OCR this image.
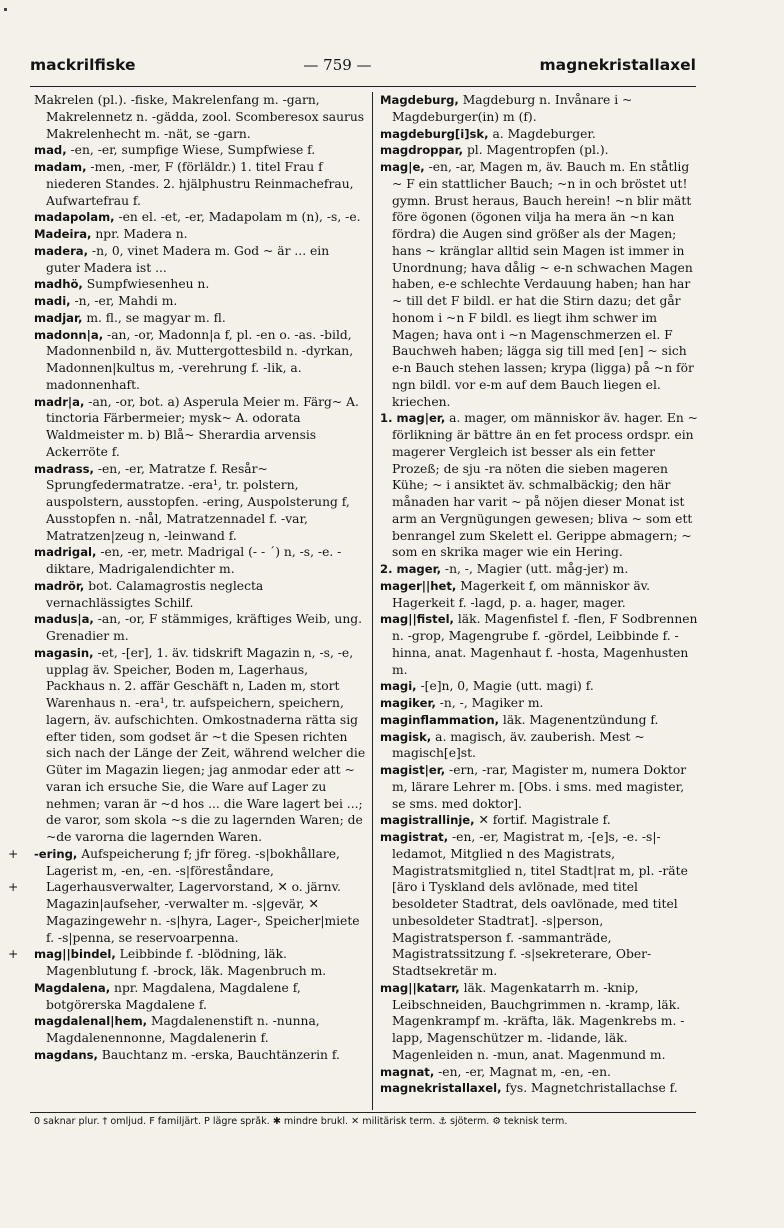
mackrilfiske	— 759 —	magnekristallaxel

Makrelen (pl.). -fiske, Makrelenfang m. -garn, Makrelennetz n. -gädda, zool. Scomberesox saurus Makrelenhecht m. -nät, se -garn.

mad, -en, -er, sumpfige Wiese, Sumpfwiese f.

madam, -men, -mer, F (förläldr.) 1. titel Frau f niederen Standes. 2. hjälphustru Reinmachefrau, Aufwartefrau f.

madapolam, -en el. -et, -er, Madapolam m (n), -s, -e.

Madeira, npr. Madera n.

madera, -n, 0, vinet Madera m. God ~ är ... ein guter Madera ist ...

madhö, Sumpfwiesenheu n.

madi, -n, -er, Mahdi m.

madjar, m. fl., se magyar m. fl.

madonn|a, -an, -or, Madonn|a f, pl. -en o. -as. -bild, Madonnenbild n, äv. Muttergottesbild n. -dyrkan, Madonnen|kultus m, -verehrung f. -lik, a. madonnenhaft.

madr|a, -an, -or, bot. a) Asperula Meier m. Färg~ A. tinctoria Färbermeier; mysk~ A. odorata Waldmeister m. b) Blå~ Sherardia arvensis Ackerröte f.

madrass, -en, -er, Matratze f. Resår~ Sprungfedermatratze. -era¹, tr. polstern, auspolstern, ausstopfen. -ering, Auspolsterung f, Ausstopfen n. -nål, Matratzennadel f. -var, Matratzen|zeug n, -leinwand f.

madrigal, -en, -er, metr. Madrigal (- - ´) n, -s, -e. -diktare, Madrigalendichter m.

madrör, bot. Calamagrostis neglecta vernachlässigtes Schilf.

madus|a, -an, -or, F stämmiges, kräftiges Weib, ung. Grenadier m.

magasin, -et, -[er], 1. äv. tidskrift Magazin n, -s, -e, upplag äv. Speicher, Boden m, Lagerhaus, Packhaus n. 2. affär Geschäft n, Laden m, stort Warenhaus n. -era¹, tr. aufspeichern, speichern, lagern, äv. aufschichten. Omkostnaderna rätta sig efter tiden, som godset är ~t die Spesen richten sich nach der Länge der Zeit, während welcher die Güter im Magazin liegen; jag anmodar eder att ~ varan ich ersuche Sie, die Ware auf Lager zu nehmen; varan är ~d hos ... die Ware lagert bei ...; de varor, som skola ~s die zu lagernden Waren; de ~de varorna die lagernden Waren.

+
+
-ering, Aufspeicherung f; jfr föreg. -s|bokhållare, Lagerist m, -en, -en. -s|föreståndare, Lagerhausverwalter, Lagervorstand, ✕ o. järnv. Magazin|aufseher, -verwalter m. -s|gevär, ✕ Magazingewehr n. -s|hyra, Lager-, Speicher|miete f. -s|penna, se reservoarpenna.

+ mag||bindel, Leibbinde f. -blödning, läk. Magenblutung f. -brock, läk. Magenbruch m.

Magdalena, npr. Magdalena, Magdalene f, botgörerska Magdalene f.

magdalenal|hem, Magdalenenstift n. -nunna, Magdalenennonne, Magdalenerin f.

magdans, Bauchtanz m. -erska, Bauchtänzerin f.

Magdeburg, Magdeburg n. Invånare i ~ Magdeburger(in) m (f).

magdeburg[i]sk, a. Magdeburger.

magdroppar, pl. Magentropfen (pl.).

mag|e, -en, -ar, Magen m, äv. Bauch m. En ståtlig ~ F ein stattlicher Bauch; ~n in och bröstet ut! gymn. Brust heraus, Bauch herein! ~n blir mätt före ögonen (ögonen vilja ha mera än ~n kan fördra) die Augen sind größer als der Magen; hans ~ kränglar alltid sein Magen ist immer in Unordnung; hava dålig ~ e-n schwachen Magen haben, e-e schlechte Verdauung haben; han har ~ till det F bildl. er hat die Stirn dazu; det går honom i ~n F bildl. es liegt ihm schwer im Magen; hava ont i ~n Magenschmerzen el. F Bauchweh haben; lägga sig till med [en] ~ sich e-n Bauch stehen lassen; krypa (ligga) på ~n för ngn bildl. vor e-m auf dem Bauch liegen el. kriechen.

1. mag|er, a. mager, om människor äv. hager. En ~ förlikning är bättre än en fet process ordspr. ein magerer Vergleich ist besser als ein fetter Prozeß; de sju -ra nöten die sieben mageren Kühe; ~ i ansiktet äv. schmalbäckig; den här månaden har varit ~ på nöjen dieser Monat ist arm an Vergnügungen gewesen; bliva ~ som ett benrangel zum Skelett el. Gerippe abmagern; ~ som en skrika mager wie ein Hering.

2. mager, -n, -, Magier (utt. måg-jer) m.

mager||het, Magerkeit f, om människor äv. Hagerkeit f. -lagd, p. a. hager, mager.

mag||fistel, läk. Magenfistel f. -flen, F Sodbrennen n. -grop, Magengrube f. -gördel, Leibbinde f. -hinna, anat. Magenhaut f. -hosta, Magenhusten m.

magi, -[e]n, 0, Magie (utt. magi) f.

magiker, -n, -, Magiker m.

maginflammation, läk. Magenentzündung f.

magisk, a. magisch, äv. zauberish. Mest ~ magisch[e]st.

magist|er, -ern, -rar, Magister m, numera Doktor m, lärare Lehrer m. [Obs. i sms. med magister, se sms. med doktor].

magistrallinje, ✕ fortif. Magistrale f.

magistrat, -en, -er, Magistrat m, -[e]s, -e. -s|-ledamot, Mitglied n des Magistrats, Magistratsmitglied n, titel Stadt|rat m, pl. -räte [äro i Tyskland dels avlönade, med titel besoldeter Stadtrat, dels oavlönade, med titel unbesoldeter Stadtrat]. -s|person, Magistratsperson f. -sammanträde, Magistratssitzung f. -s|sekreterare, Ober-Stadtsekretär m.

mag||katarr, läk. Magenkatarrh m. -knip, Leibschneiden, Bauchgrimmen n. -kramp, läk. Magenkrampf m. -kräfta, läk. Magenkrebs m. -lapp, Magenschützer m. -lidande, läk. Magenleiden n. -mun, anat. Magenmund m.

magnat, -en, -er, Magnat m, -en, -en.

magnekristallaxel, fys. Magnetchristallachse f.

0 saknar plur. † omljud. F familjärt. P lägre språk. ✱ mindre brukl. ✕ militärisk term. ⚓ sjöterm. ⚙ teknisk term.
